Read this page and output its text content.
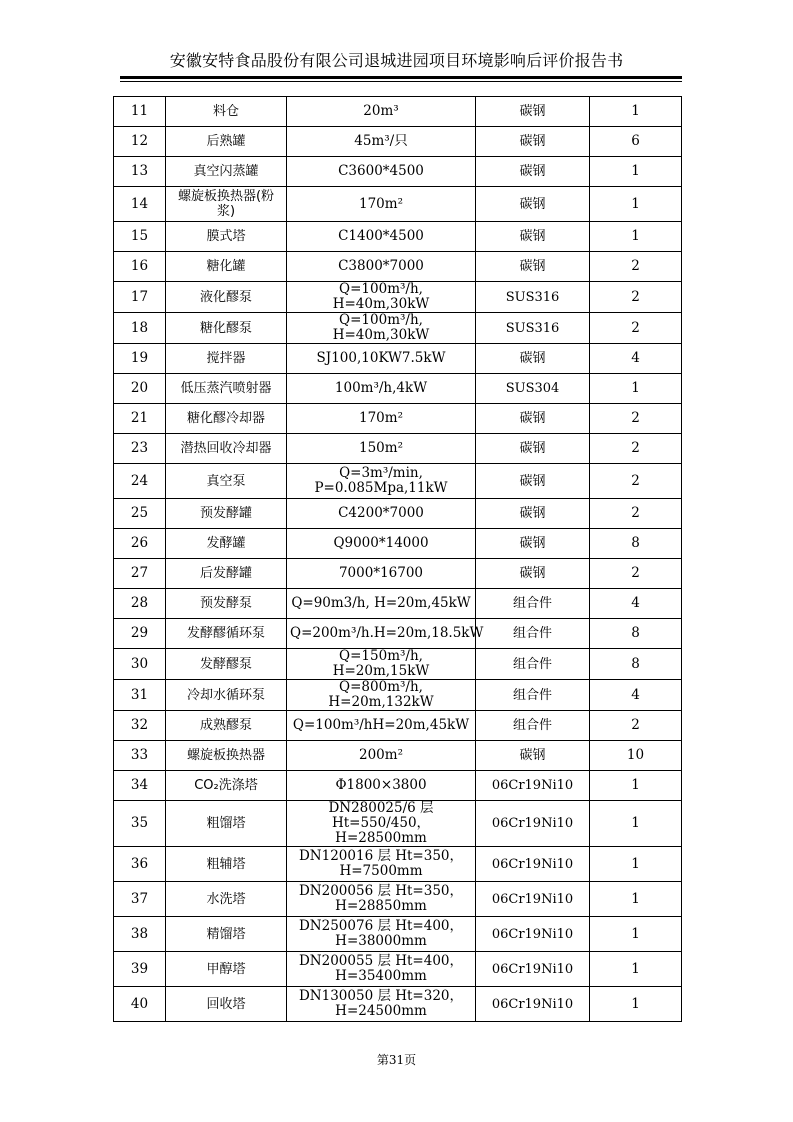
安徽安特食品股份有限公司退城进园项目环境影响后评价报告书
11	料仓	20m³	碳钢	1
12	后熟罐	45m³/只	碳钢	6
13	真空闪蒸罐	C3600*4500	碳钢	1
14	螺旋板换热器(粉浆)	170m²	碳钢	1
15	膜式塔	C1400*4500	碳钢	1
16	糖化罐	C3800*7000	碳钢	2
17	液化醪泵	Q=100m³/h, H=40m,30kW	SUS316	2
18	糖化醪泵	Q=100m³/h, H=40m,30kW	SUS316	2
19	搅拌器	SJ100,10KW7.5kW	碳钢	4
20	低压蒸汽喷射器	100m³/h,4kW	SUS304	1
21	糖化醪冷却器	170m²	碳钢	2
23	潜热回收冷却器	150m²	碳钢	2
24	真空泵	Q=3m³/min, P=0.085Mpa,11kW	碳钢	2
25	预发酵罐	C4200*7000	碳钢	2
26	发酵罐	Q9000*14000	碳钢	8
27	后发酵罐	7000*16700	碳钢	2
28	预发酵泵	Q=90m3/h, H=20m,45kW	组合件	4
29	发酵醪循环泵	Q=200m³/h.H=20m,18.5kW	组合件	8
30	发酵醪泵	Q=150m³/h, H=20m,15kW	组合件	8
31	冷却水循环泵	Q=800m³/h, H=20m,132kW	组合件	4
32	成熟醪泵	Q=100m³/hH=20m,45kW	组合件	2
33	螺旋板换热器	200m²	碳钢	10
34	CO₂洗涤塔	Φ1800×3800	06Cr19Ni10	1
35	粗馏塔	DN280025/6 层 Ht=550/450，H=28500mm	06Cr19Ni10	1
36	粗辅塔	DN120016 层 Ht=350，H=7500mm	06Cr19Ni10	1
37	水洗塔	DN200056 层 Ht=350，H=28850mm	06Cr19Ni10	1
38	精馏塔	DN250076 层 Ht=400，H=38000mm	06Cr19Ni10	1
39	甲醇塔	DN200055 层 Ht=400，H=35400mm	06Cr19Ni10	1
40	回收塔	DN130050 层 Ht=320，H=24500mm	06Cr19Ni10	1
第31页
